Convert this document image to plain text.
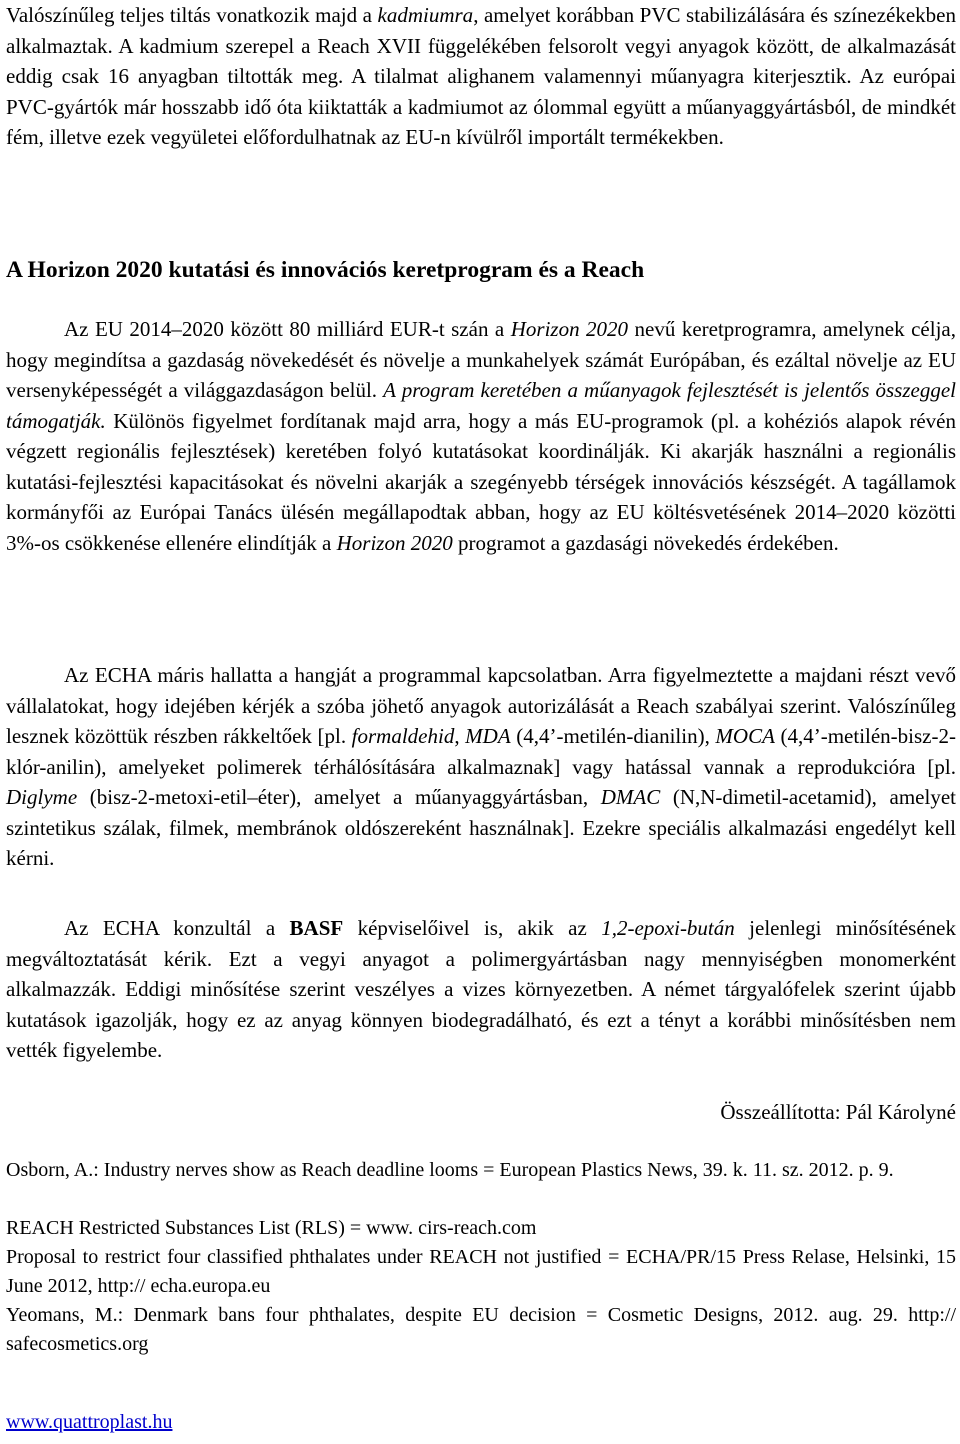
Valószínűleg teljes tiltás vonatkozik majd a kadmiumra, amelyet korábban PVC stabilizálására és színezékekben alkalmaztak. A kadmium szerepel a Reach XVII függelékében felsorolt vegyi anyagok között, de alkalmazását eddig csak 16 anyagban tiltották meg. A tilalmat alighanem valamennyi műanyagra kiterjesztik. Az európai PVC-gyártók már hosszabb idő óta kiiktatták a kadmiumot az ólommal együtt a műanyaggyártásból, de mindkét fém, illetve ezek vegyületei előfordulhatnak az EU-n kívülről importált termékekben.

A Horizon 2020 kutatási és innovációs keretprogram és a Reach

Az EU 2014–2020 között 80 milliárd EUR-t szán a Horizon 2020 nevű keretprogramra, amelynek célja, hogy megindítsa a gazdaság növekedését és növelje a munkahelyek számát Európában, és ezáltal növelje az EU versenyképességét a világgazdaságon belül. A program keretében a műanyagok fejlesztését is jelentős összeggel támogatják. Különös figyelmet fordítanak majd arra, hogy a más EU-programok (pl. a kohéziós alapok révén végzett regionális fejlesztések) keretében folyó kutatásokat koordinálják. Ki akarják használni a regionális kutatási-fejlesztési kapacitásokat és növelni akarják a szegényebb térségek innovációs készségét. A tagállamok kormányfői az Európai Tanács ülésén megállapodtak abban, hogy az EU költésvetésének 2014–2020 közötti 3%-os csökkenése ellenére elindítják a Horizon 2020 programot a gazdasági növekedés érdekében.

Az ECHA máris hallatta a hangját a programmal kapcsolatban. Arra figyelmeztette a majdani részt vevő vállalatokat, hogy idejében kérjék a szóba jöhető anyagok autorizálását a Reach szabályai szerint. Valószínűleg lesznek közöttük részben rákkeltőek [pl. formaldehid, MDA (4,4’-metilén-dianilin), MOCA (4,4’-metilén-bisz-2-klór-anilin), amelyeket polimerek térhálósítására alkalmaznak] vagy hatással vannak a reprodukcióra [pl. Diglyme (bisz-2-metoxi-etil–éter), amelyet a műanyaggyártásban, DMAC (N,N-dimetil-acetamid), amelyet szintetikus szálak, filmek, membránok oldószereként használnak]. Ezekre speciális alkalmazási engedélyt kell kérni.

Az ECHA konzultál a BASF képviselőivel is, akik az 1,2-epoxi-bután jelenlegi minősítésének megváltoztatását kérik. Ezt a vegyi anyagot a polimergyártásban nagy mennyiségben monomerként alkalmazzák. Eddigi minősítése szerint veszélyes a vizes környezetben. A német tárgyalófelek szerint újabb kutatások igazolják, hogy ez az anyag könnyen biodegradálható, és ezt a tényt a korábbi minősítésben nem vették figyelembe.

Összeállította: Pál Károlyné

Osborn, A.: Industry nerves show as Reach deadline looms = European Plastics News, 39. k. 11. sz. 2012. p. 9.

REACH Restricted Substances List (RLS) = www. cirs-reach.com

Proposal to restrict four classified phthalates under REACH not justified = ECHA/PR/15 Press Relase, Helsinki, 15 June 2012, http:// echa.europa.eu

Yeomans, M.: Denmark bans four phthalates, despite EU decision = Cosmetic Designs, 2012. aug. 29. http:// safecosmetics.org

www.quattroplast.hu
